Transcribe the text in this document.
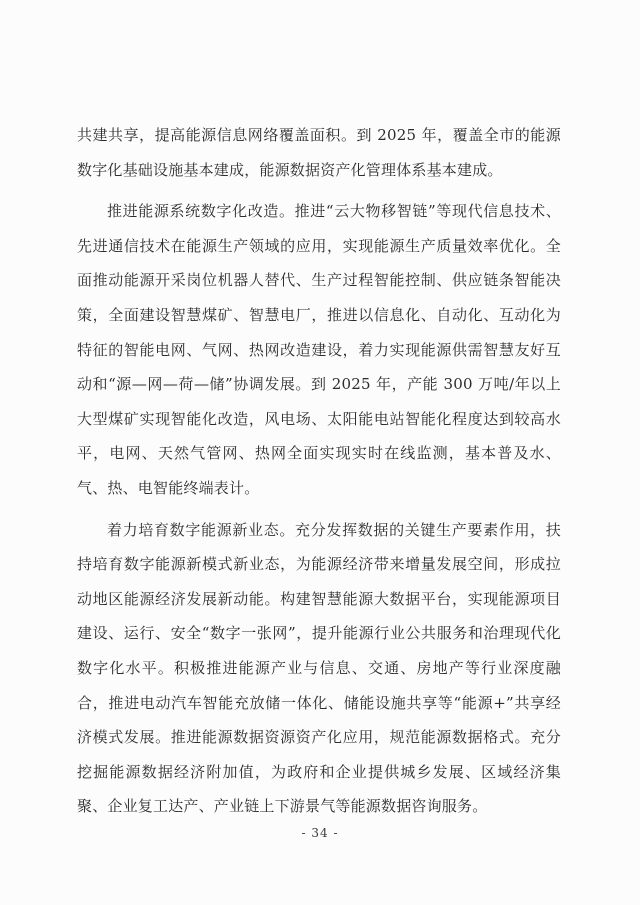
共建共享，提高能源信息网络覆盖面积。到 2025 年，覆盖全市的能源数字化基础设施基本建成，能源数据资产化管理体系基本建成。

推进能源系统数字化改造。推进“云大物移智链”等现代信息技术、先进通信技术在能源生产领域的应用，实现能源生产质量效率优化。全面推动能源开采岗位机器人替代、生产过程智能控制、供应链条智能决策，全面建设智慧煤矿、智慧电厂，推进以信息化、自动化、互动化为特征的智能电网、气网、热网改造建设，着力实现能源供需智慧友好互动和“源—网—荷—储”协调发展。到 2025 年，产能 300 万吨/年以上大型煤矿实现智能化改造，风电场、太阳能电站智能化程度达到较高水平，电网、天然气管网、热网全面实现实时在线监测，基本普及水、气、热、电智能终端表计。

着力培育数字能源新业态。充分发挥数据的关键生产要素作用，扶持培育数字能源新模式新业态，为能源经济带来增量发展空间，形成拉动地区能源经济发展新动能。构建智慧能源大数据平台，实现能源项目建设、运行、安全“数字一张网”，提升能源行业公共服务和治理现代化数字化水平。积极推进能源产业与信息、交通、房地产等行业深度融合，推进电动汽车智能充放储一体化、储能设施共享等“能源+”共享经济模式发展。推进能源数据资源资产化应用，规范能源数据格式。充分挖掘能源数据经济附加值，为政府和企业提供城乡发展、区域经济集聚、企业复工达产、产业链上下游景气等能源数据咨询服务。

- 34 -
